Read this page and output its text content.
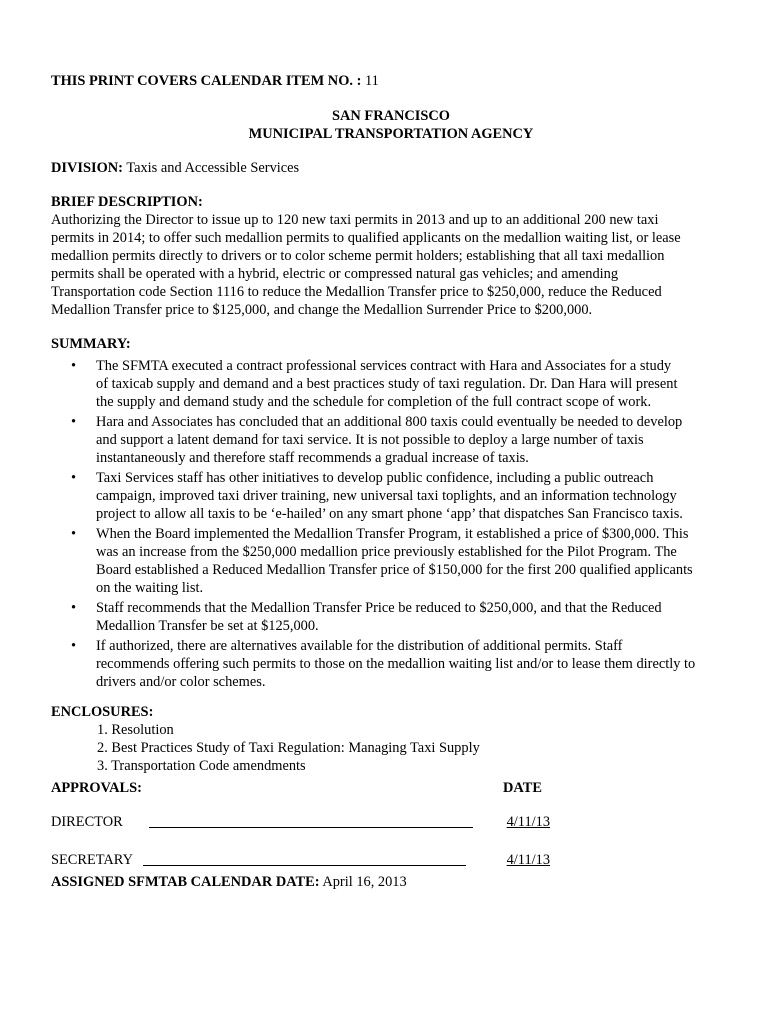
THIS PRINT COVERS CALENDAR ITEM NO. : 11

SAN FRANCISCO
MUNICIPAL TRANSPORTATION AGENCY

DIVISION: Taxis and Accessible Services

BRIEF DESCRIPTION:

Authorizing the Director to issue up to 120 new taxi permits in 2013 and up to an additional 200 new taxi
permits in 2014; to offer such medallion permits to qualified applicants on the medallion waiting list, or lease
medallion permits directly to drivers or to color scheme permit holders; establishing that all taxi medallion
permits shall be operated with a hybrid, electric or compressed natural gas vehicles; and amending
Transportation code Section 1116 to reduce the Medallion Transfer price to $250,000, reduce the Reduced
Medallion Transfer price to $125,000, and change the Medallion Surrender Price to $200,000.

SUMMARY:

• The SFMTA executed a contract professional services contract with Hara and Associates for a study
of taxicab supply and demand and a best practices study of taxi regulation. Dr. Dan Hara will present
the supply and demand study and the schedule for completion of the full contract scope of work.
• Hara and Associates has concluded that an additional 800 taxis could eventually be needed to develop
and support a latent demand for taxi service. It is not possible to deploy a large number of taxis
instantaneously and therefore staff recommends a gradual increase of taxis.
• Taxi Services staff has other initiatives to develop public confidence, including a public outreach
campaign, improved taxi driver training, new universal taxi toplights, and an information technology
project to allow all taxis to be ‘e-hailed’ on any smart phone ‘app’ that dispatches San Francisco taxis.
• When the Board implemented the Medallion Transfer Program, it established a price of $300,000. This
was an increase from the $250,000 medallion price previously established for the Pilot Program. The
Board established a Reduced Medallion Transfer price of $150,000 for the first 200 qualified applicants
on the waiting list.
• Staff recommends that the Medallion Transfer Price be reduced to $250,000, and that the Reduced
Medallion Transfer be set at $125,000.
• If authorized, there are alternatives available for the distribution of additional permits. Staff
recommends offering such permits to those on the medallion waiting list and/or to lease them directly to
drivers and/or color schemes.

ENCLOSURES:

1. Resolution
2. Best Practices Study of Taxi Regulation: Managing Taxi Supply
3. Transportation Code amendments
APPROVALS:	DATE
DIRECTOR	4/11/13
SECRETARY	4/11/13

ASSIGNED SFMTAB CALENDAR DATE: April 16, 2013
